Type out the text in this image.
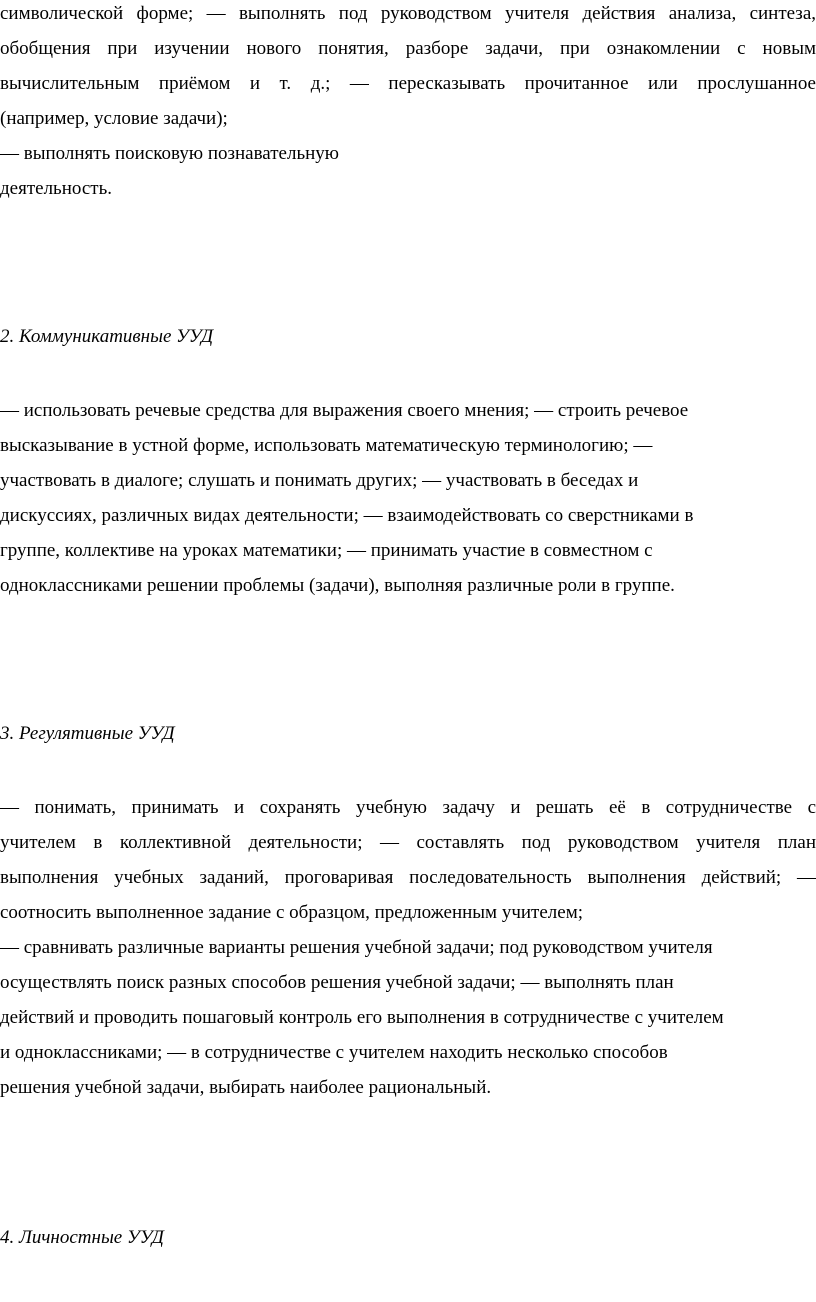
символической форме; — выполнять под руководством учителя действия анализа, синтеза,
обобщения при изучении нового понятия, разборе задачи, при ознакомлении с новым
вычислительным приёмом и т. д.; — пересказывать прочитанное или прослушанное
(например, условие задачи);
— выполнять поисковую познавательную
деятельность.
2. Коммуникативные УУД
— использовать речевые средства для выражения своего мнения; — строить речевое
высказывание в устной форме, использовать математическую терминологию; —
участвовать в диалоге; слушать и понимать других; — участвовать в беседах и
дискуссиях, различных видах деятельности; — взаимодействовать со сверстниками в
группе, коллективе на уроках математики; — принимать участие в совместном с
одноклассниками решении проблемы (задачи), выполняя различные роли в группе.
3. Регулятивные УУД
— понимать, принимать и сохранять учебную задачу и решать её в сотрудничестве с
учителем в коллективной деятельности; — составлять под руководством учителя план
выполнения учебных заданий, проговаривая последовательность выполнения действий; —
соотносить выполненное задание с образцом, предложенным учителем;
— сравнивать различные варианты решения учебной задачи; под руководством учителя
осуществлять поиск разных способов решения учебной задачи; — выполнять план
действий и проводить пошаговый контроль его выполнения в сотрудничестве с учителем
и одноклассниками; — в сотрудничестве с учителем находить несколько способов
решения учебной задачи, выбирать наиболее рациональный.
4. Личностные УУД
